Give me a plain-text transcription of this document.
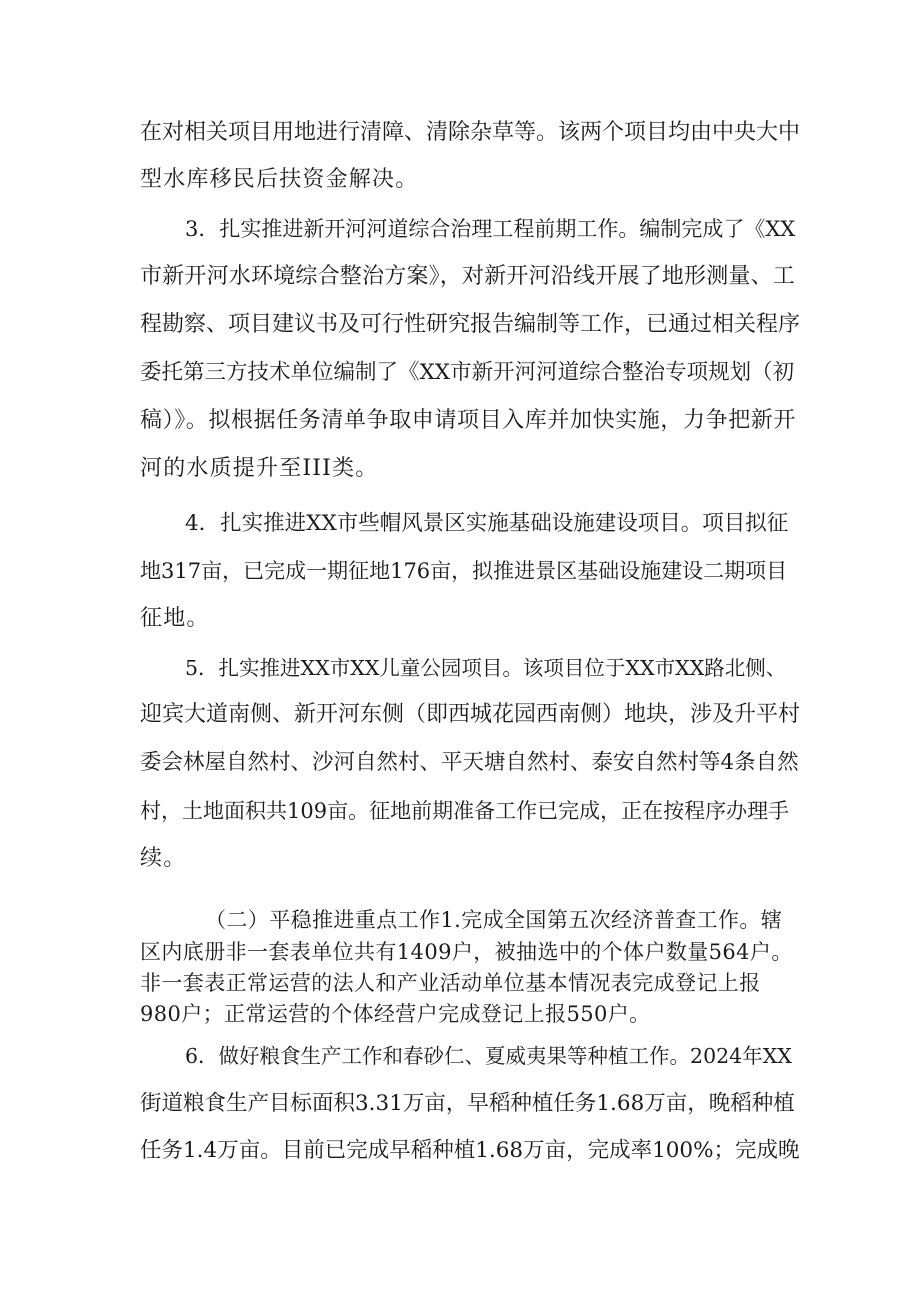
在对相关项目用地进行清障、清除杂草等。该两个项目均由中央大中
型水库移民后扶资金解决。
3．扎实推进新开河河道综合治理工程前期工作。编制完成了《XX
市新开河水环境综合整治方案》，对新开河沿线开展了地形测量、工
程勘察、项目建议书及可行性研究报告编制等工作，已通过相关程序
委托第三方技术单位编制了《XX市新开河河道综合整治专项规划（初
稿）》。拟根据任务清单争取申请项目入库并加快实施，力争把新开
河的水质提升至III类。
4．扎实推进XX市些帽风景区实施基础设施建设项目。项目拟征
地317亩，已完成一期征地176亩，拟推进景区基础设施建设二期项目
征地。
5．扎实推进XX市XX儿童公园项目。该项目位于XX市XX路北侧、
迎宾大道南侧、新开河东侧（即西城花园西南侧）地块，涉及升平村
委会林屋自然村、沙河自然村、平天塘自然村、泰安自然村等4条自然
村，土地面积共109亩。征地前期准备工作已完成，正在按程序办理手
续。
（二）平稳推进重点工作1.完成全国第五次经济普查工作。辖
区内底册非一套表单位共有1409户，被抽选中的个体户数量564户。
非一套表正常运营的法人和产业活动单位基本情况表完成登记上报
980户；正常运营的个体经营户完成登记上报550户。
6．做好粮食生产工作和春砂仁、夏威夷果等种植工作。2024年XX
街道粮食生产目标面积3.31万亩，早稻种植任务1.68万亩，晚稻种植
任务1.4万亩。目前已完成早稻种植1.68万亩，完成率100%；完成晚
